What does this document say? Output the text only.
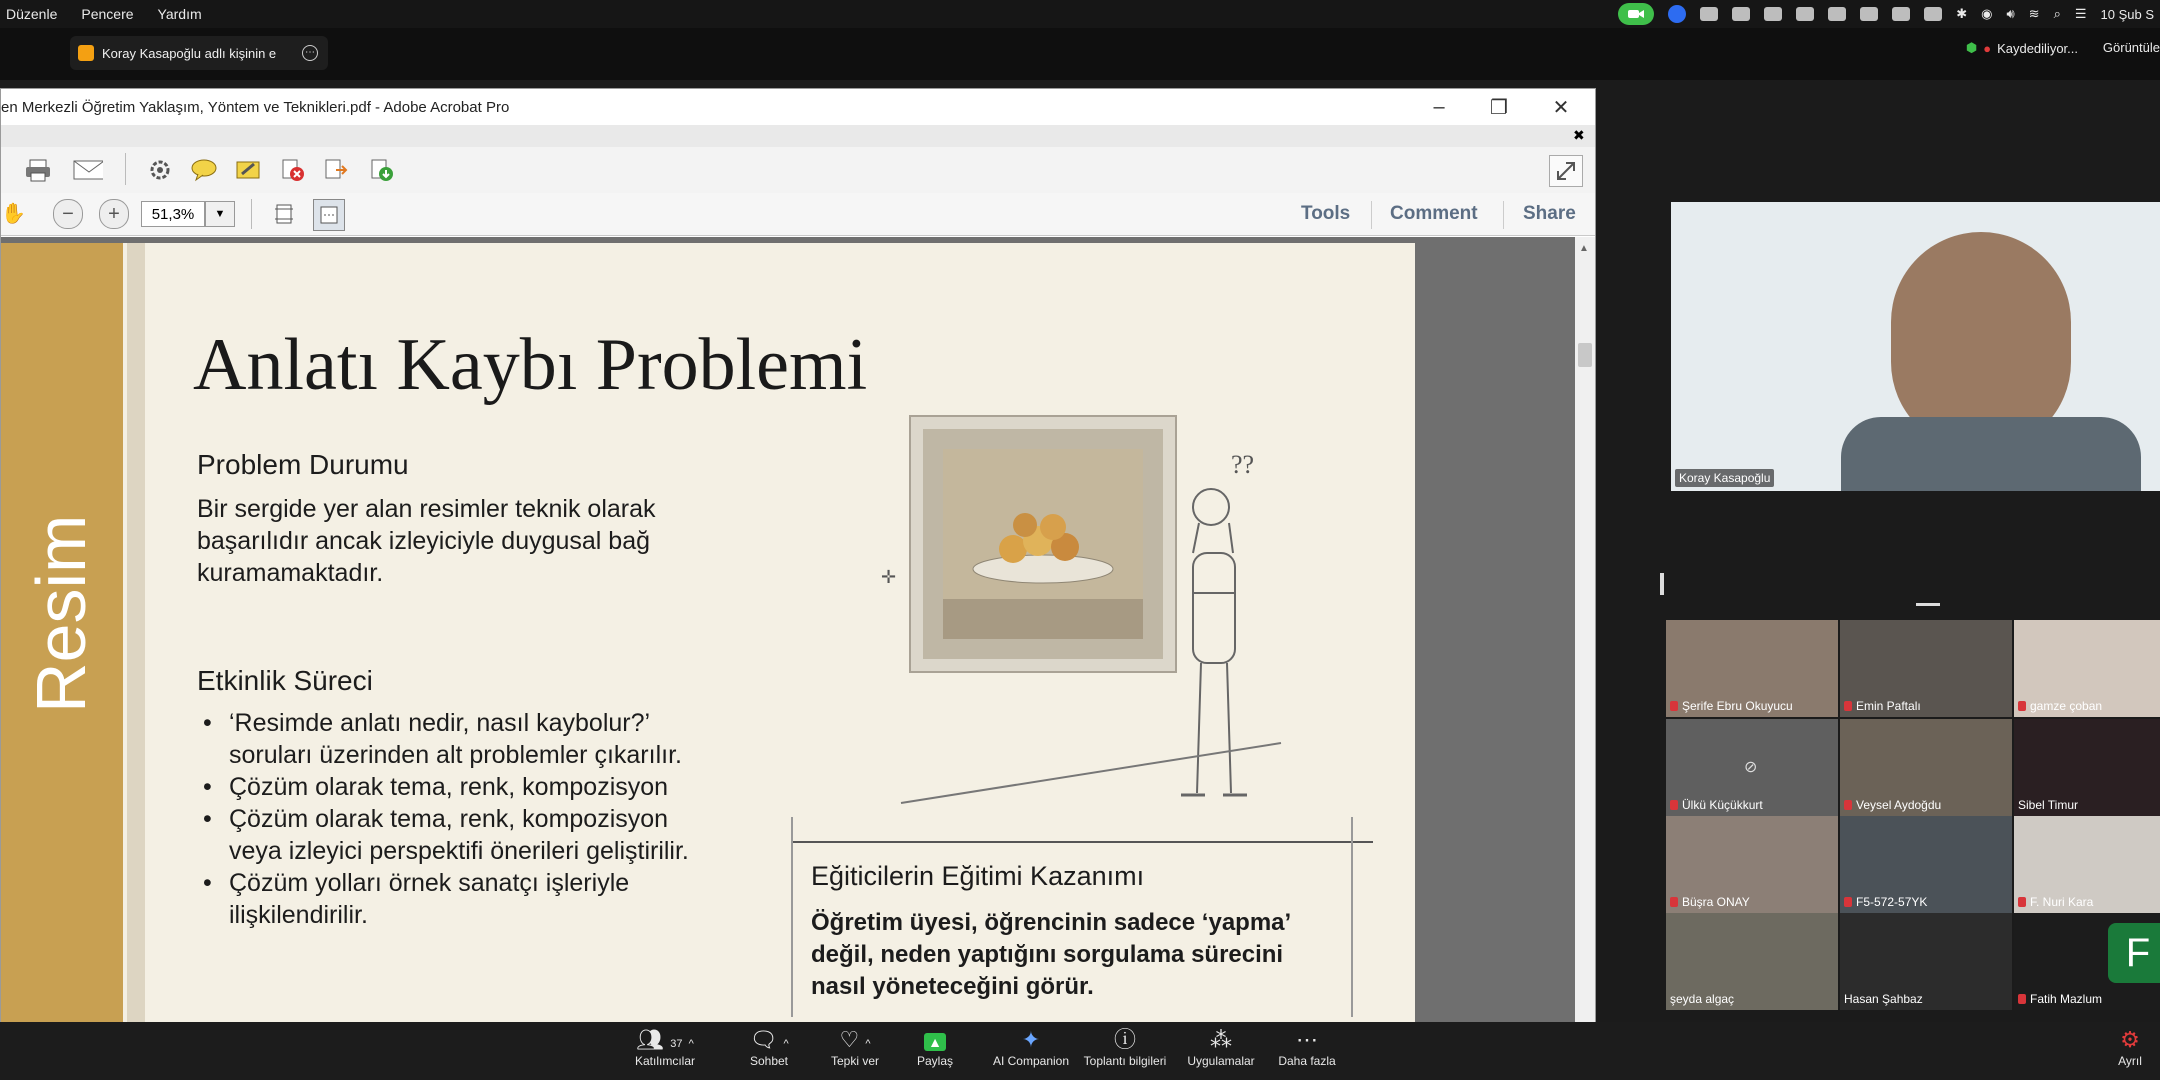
Düzenle Pencere Yardım	✱ ◉ 🔊︎ ≋ ⌕ ☰ 10 Şub S
Koray Kasapoğlu adlı kişinin e	⋯	⬢ ● Kaydediliyor... Görüntüle
en Merkezli Öğretim Yaklaşım, Yöntem ve Teknikleri.pdf - Adobe Acrobat Pro	–	❐	✕
✖
✋	−	+	51,3%	▼	Tools Comment Share
Resim
Anlatı Kaybı Problemi
Problem Durumu
Bir sergide yer alan resimler teknik olarak
başarılıdır ancak izleyiciyle duygusal bağ
kuramamaktadır.
Etkinlik Süreci
• ‘Resimde anlatı nedir, nasıl kaybolur?’
soruları üzerinden alt problemler çıkarılır.
• Çözüm olarak tema, renk, kompozisyon
• Çözüm olarak tema, renk, kompozisyon
veya izleyici perspektifi önerileri geliştirilir.
• Çözüm yolları örnek sanatçı işleriyle
ilişkilendirilir.
??
Eğiticilerin Eğitimi Kazanımı
Öğretim üyesi, öğrencinin sadece ‘yapma’
değil, neden yaptığını sorgulama sürecini
nasıl yöneteceğini görür.
✛
▲
Koray Kasapoğlu
Şerife Ebru Okuyucu	Emin Paftalı	gamze çoban
⊘
Ülkü Küçükkurt	Veysel Aydoğdu	Sibel Timur
Büşra ONAY	F5-572-57YK	F. Nuri Kara
şeyda algaç	Hasan Şahbaz
F
Fatih Mazlum
👥︎ 37 ^
Katılımcılar
🗨︎ ^
Sohbet
♡ ^
Tepki ver
▲
Paylaş
✦
AI Companion
ⓘ
Toplantı bilgileri
⁂
Uygulamalar
⋯
Daha fazla
⚙︎
Ayrıl
